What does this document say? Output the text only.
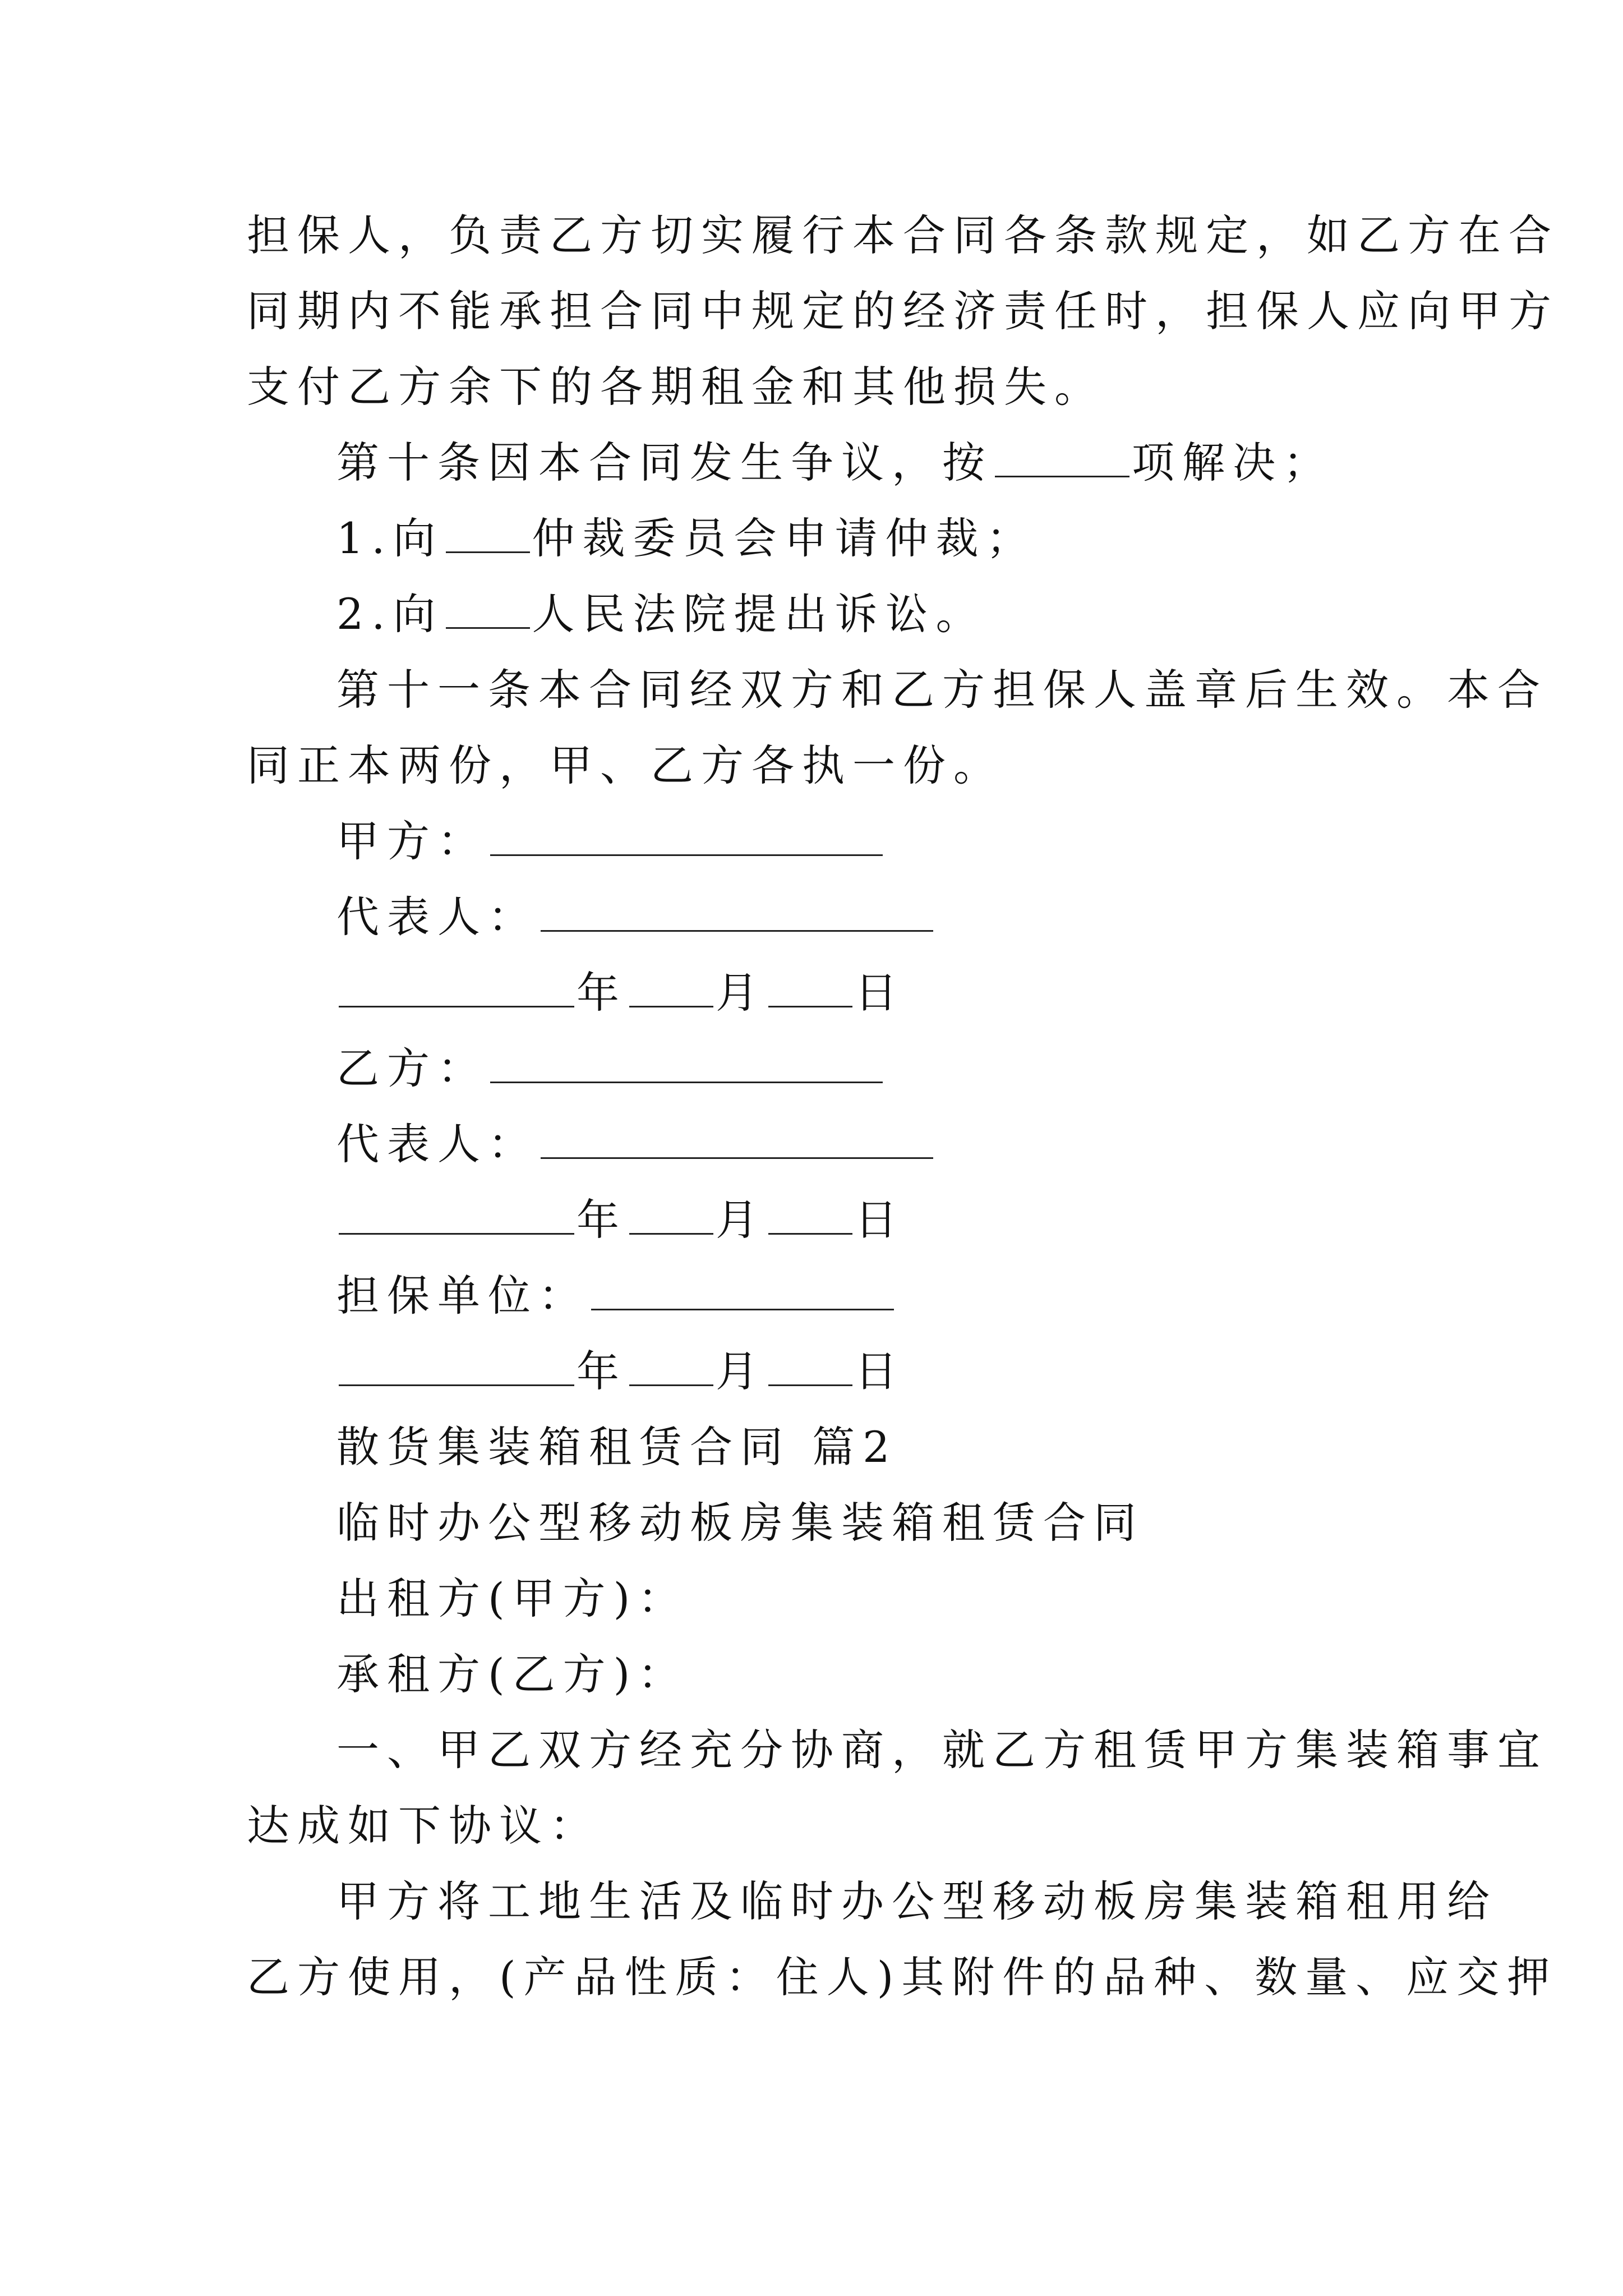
担保人，负责乙方切实履行本合同各条款规定，如乙方在合
同期内不能承担合同中规定的经济责任时，担保人应向甲方
支付乙方余下的各期租金和其他损失。
第十条因本合同发生争议，按	项解决；
1.向 仲裁委员会申请仲裁；
2.向 人民法院提出诉讼。
第十一条本合同经双方和乙方担保人盖章后生效。本合
同正本两份，甲、乙方各执一份。
甲方：
代表人：
年 月 日
乙方：
代表人：
年 月 日
担保单位：
年 月 日
散货集装箱租赁合同 篇2
临时办公型移动板房集装箱租赁合同
出租方(甲方)：
承租方(乙方)：
一、甲乙双方经充分协商，就乙方租赁甲方集装箱事宜
达成如下协议：
甲方将工地生活及临时办公型移动板房集装箱租用给
乙方使用，(产品性质：住人)其附件的品种、数量、应交押
